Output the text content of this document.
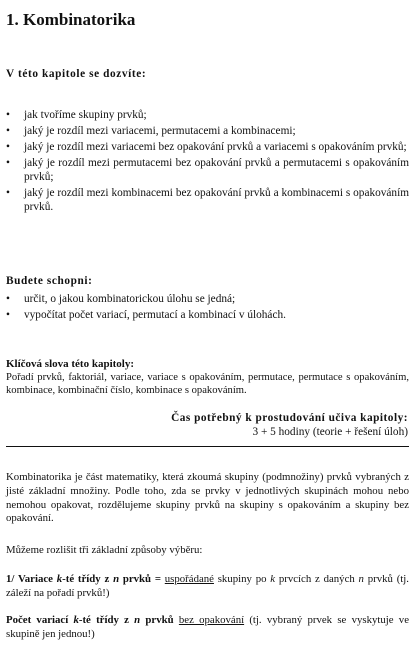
1. Kombinatorika
V této kapitole se dozvíte:
•	jak tvoříme skupiny prvků;
•	jaký je rozdíl mezi variacemi, permutacemi a kombinacemi;
•	jaký je rozdíl mezi variacemi bez opakování prvků a variacemi s opakováním prvků;
•	jaký je rozdíl mezi permutacemi bez opakování prvků a permutacemi s opakováním prvků;
•	jaký je rozdíl mezi kombinacemi bez opakování prvků a kombinacemi s opakováním prvků.
Budete schopni:
•	určit, o jakou kombinatorickou úlohu se jedná;
•	vypočítat počet variací, permutací a kombinací v úlohách.
Klíčová slova této kapitoly:
Pořadí prvků, faktoriál, variace, variace s opakováním, permutace, permutace s opakováním, kombinace, kombinační číslo, kombinace s opakováním.
Čas potřebný k prostudování učiva kapitoly:
3 + 5 hodiny (teorie + řešení úloh)
Kombinatorika je část matematiky, která zkoumá skupiny (podmnožiny) prvků vybraných z jisté základní množiny. Podle toho, zda se prvky v jednotlivých skupinách mohou nebo nemohou opakovat, rozdělujeme skupiny prvků na skupiny s opakováním a skupiny bez opakování.
Můžeme rozlišit tři základní způsoby výběru:
1/ Variace k-té třídy z n prvků = uspořádané skupiny po k prvcích z daných n prvků (tj. záleží na pořadí prvků!)
Počet variací k-té třídy z n prvků bez opakování (tj. vybraný prvek se vyskytuje ve skupině jen jednou!)
